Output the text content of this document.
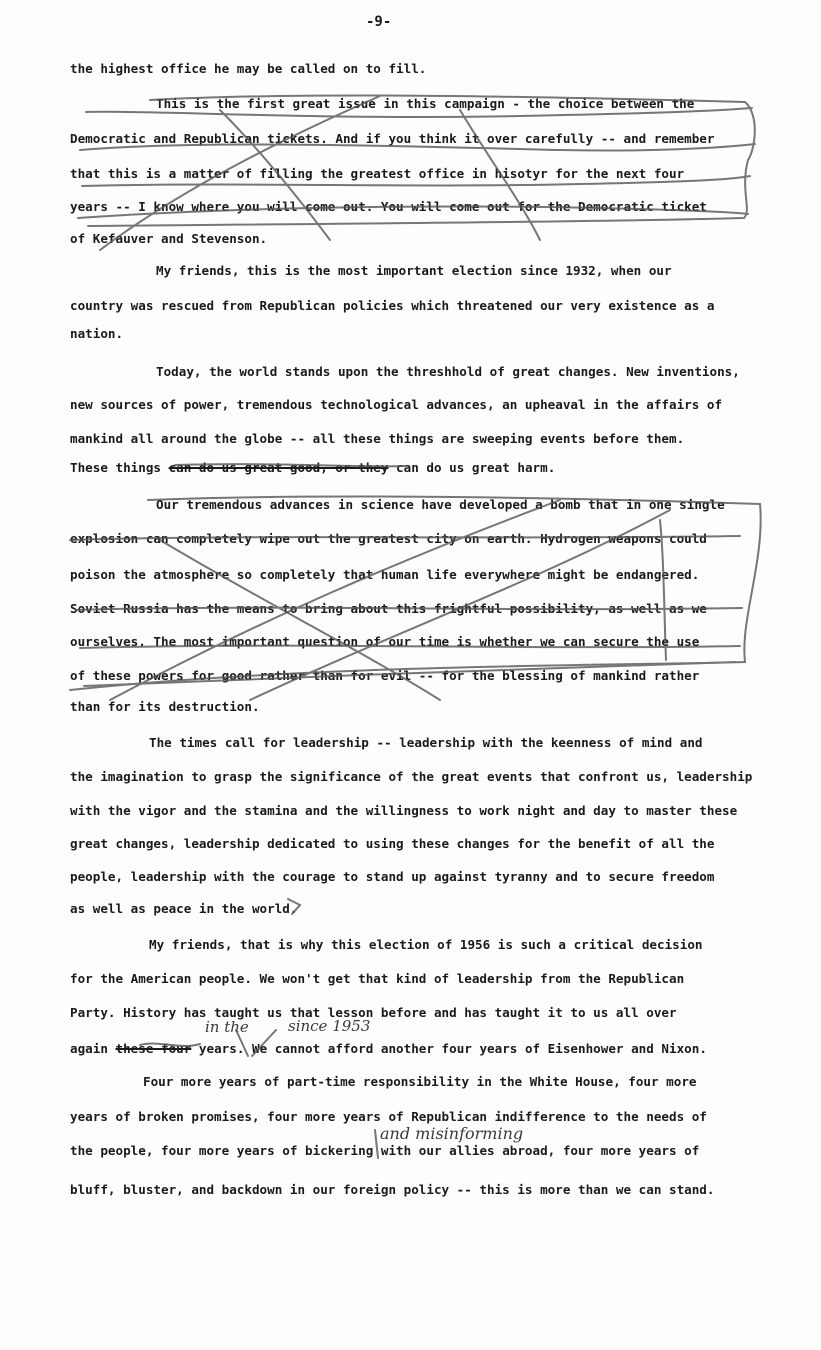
-9-
the highest office he may be called on to fill.
This is the first great issue in this campaign - the choice between the
Democratic and Republican tickets. And if you think it over carefully -- and remember
that this is a matter of filling the greatest office in hisotyr for the next four
years -- I know where you will come out. You will come out for the Democratic ticket
of Kefauver and Stevenson.
My friends, this is the most important election since 1932, when our
country was rescued from Republican policies which threatened our very existence as a
nation.
Today, the world stands upon the threshhold of great changes. New inventions,
new sources of power, tremendous technological advances, an upheaval in the affairs of
mankind all around the globe -- all these things are sweeping events before them.
These things can do us great good, or they can do us great harm.
Our tremendous advances in science have developed a bomb that in one single
explosion can completely wipe out the greatest city on earth. Hydrogen weapons could
poison the atmosphere so completely that human life everywhere might be endangered.
Soviet Russia has the means to bring about this frightful possibility, as well as we
ourselves. The most important question of our time is whether we can secure the use
of these powers for good rather than for evil -- for the blessing of mankind rather
than for its destruction.
The times call for leadership -- leadership with the keenness of mind and
the imagination to grasp the significance of the great events that confront us, leadership
with the vigor and the stamina and the willingness to work night and day to master these
great changes, leadership dedicated to using these changes for the benefit of all the
people, leadership with the courage to stand up against tyranny and to secure freedom
as well as peace in the world.
My friends, that is why this election of 1956 is such a critical decision
for the American people. We won't get that kind of leadership from the Republican
Party. History has taught us that lesson before and has taught it to us all over
again these four years. We cannot afford another four years of Eisenhower and Nixon.
Four more years of part-time responsibility in the White House, four more
years of broken promises, four more years of Republican indifference to the needs of
the people, four more years of bickering with our allies abroad, four more years of
bluff, bluster, and backdown in our foreign policy -- this is more than we can stand.
in the	since 1953
and misinforming
